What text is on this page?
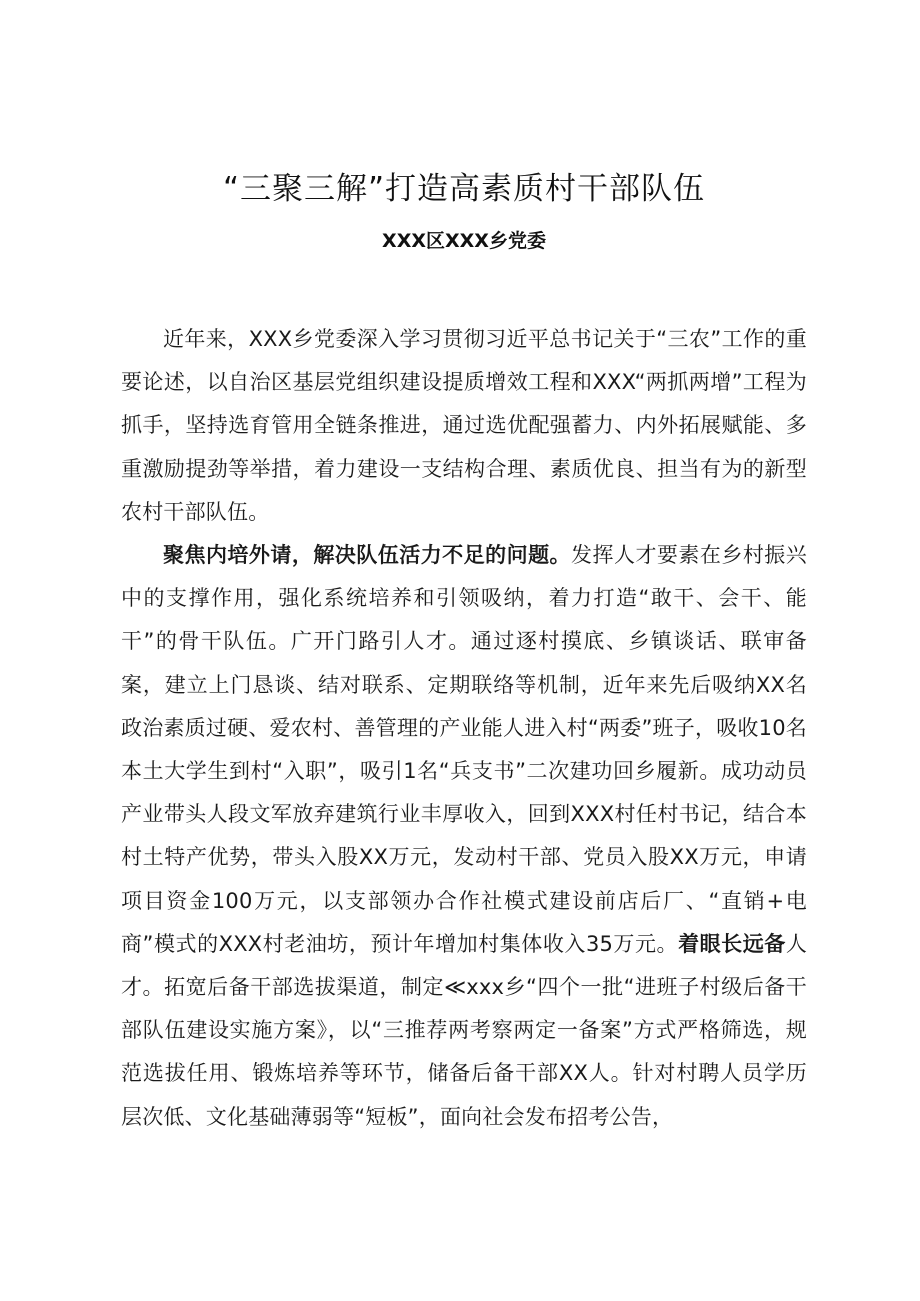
“三聚三解”打造高素质村干部队伍
XXX区XXX乡党委

近年来，XXX乡党委深入学习贯彻习近平总书记关于“三农”工作的重要论述，以自治区基层党组织建设提质增效工程和XXX“两抓两增”工程为抓手，坚持选育管用全链条推进，通过选优配强蓄力、内外拓展赋能、多重激励提劲等举措，着力建设一支结构合理、素质优良、担当有为的新型农村干部队伍。

聚焦内培外请，解决队伍活力不足的问题。发挥人才要素在乡村振兴中的支撑作用，强化系统培养和引领吸纳，着力打造“敢干、会干、能干”的骨干队伍。广开门路引人才。通过逐村摸底、乡镇谈话、联审备案，建立上门恳谈、结对联系、定期联络等机制，近年来先后吸纳XX名政治素质过硬、爱农村、善管理的产业能人进入村“两委”班子，吸收10名本土大学生到村“入职”，吸引1名“兵支书”二次建功回乡履新。成功动员产业带头人段文军放弃建筑行业丰厚收入，回到XXX村任村书记，结合本村土特产优势，带头入股XX万元，发动村干部、党员入股XX万元，申请项目资金100万元，以支部领办合作社模式建设前店后厂、“直销+电商”模式的XXX村老油坊，预计年增加村集体收入35万元。着眼长远备人才。拓宽后备干部选拔渠道，制定≪xxx乡“四个一批“进班子村级后备干部队伍建设实施方案》，以“三推荐两考察两定一备案”方式严格筛选，规范选拔任用、锻炼培养等环节，储备后备干部XX人。针对村聘人员学历层次低、文化基础薄弱等“短板”，面向社会发布招考公告，
